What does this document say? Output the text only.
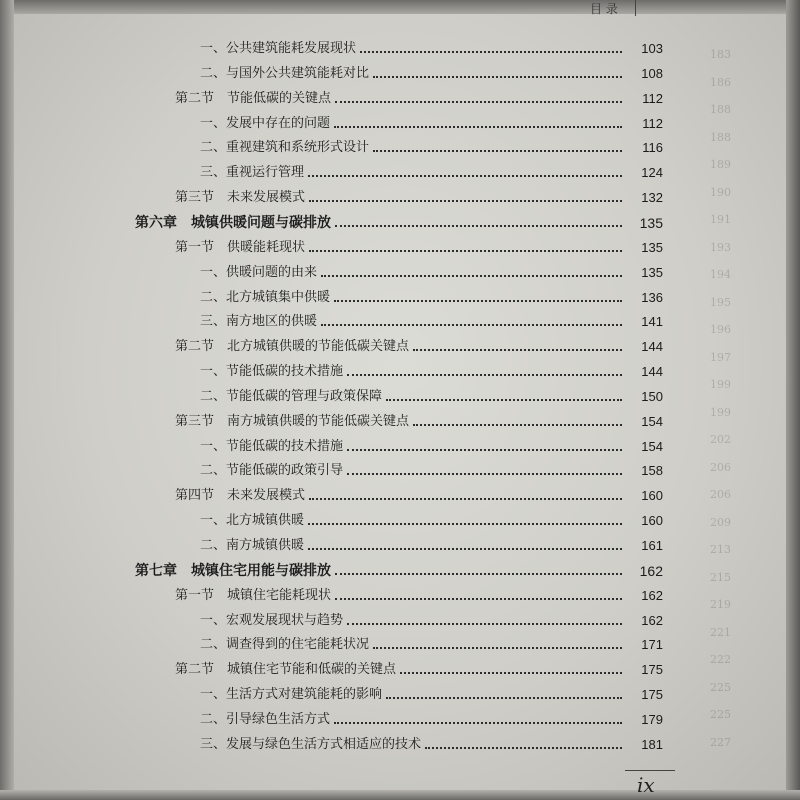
目 录
183
186
188
188
189
190
191
193
194
195
196
197
199
199
202
206
206
209
213
215
219
221
222
225
225
227
一、公共建筑能耗发展现状	103
二、与国外公共建筑能耗对比	108
第二节　节能低碳的关键点	112
一、发展中存在的问题	112
二、重视建筑和系统形式设计	116
三、重视运行管理	124
第三节　未来发展模式	132
第六章　城镇供暖问题与碳排放	135
第一节　供暖能耗现状	135
一、供暖问题的由来	135
二、北方城镇集中供暖	136
三、南方地区的供暖	141
第二节　北方城镇供暖的节能低碳关键点	144
一、节能低碳的技术措施	144
二、节能低碳的管理与政策保障	150
第三节　南方城镇供暖的节能低碳关键点	154
一、节能低碳的技术措施	154
二、节能低碳的政策引导	158
第四节　未来发展模式	160
一、北方城镇供暖	160
二、南方城镇供暖	161
第七章　城镇住宅用能与碳排放	162
第一节　城镇住宅能耗现状	162
一、宏观发展现状与趋势	162
二、调查得到的住宅能耗状况	171
第二节　城镇住宅节能和低碳的关键点	175
一、生活方式对建筑能耗的影响	175
二、引导绿色生活方式	179
三、发展与绿色生活方式相适应的技术	181
ix
